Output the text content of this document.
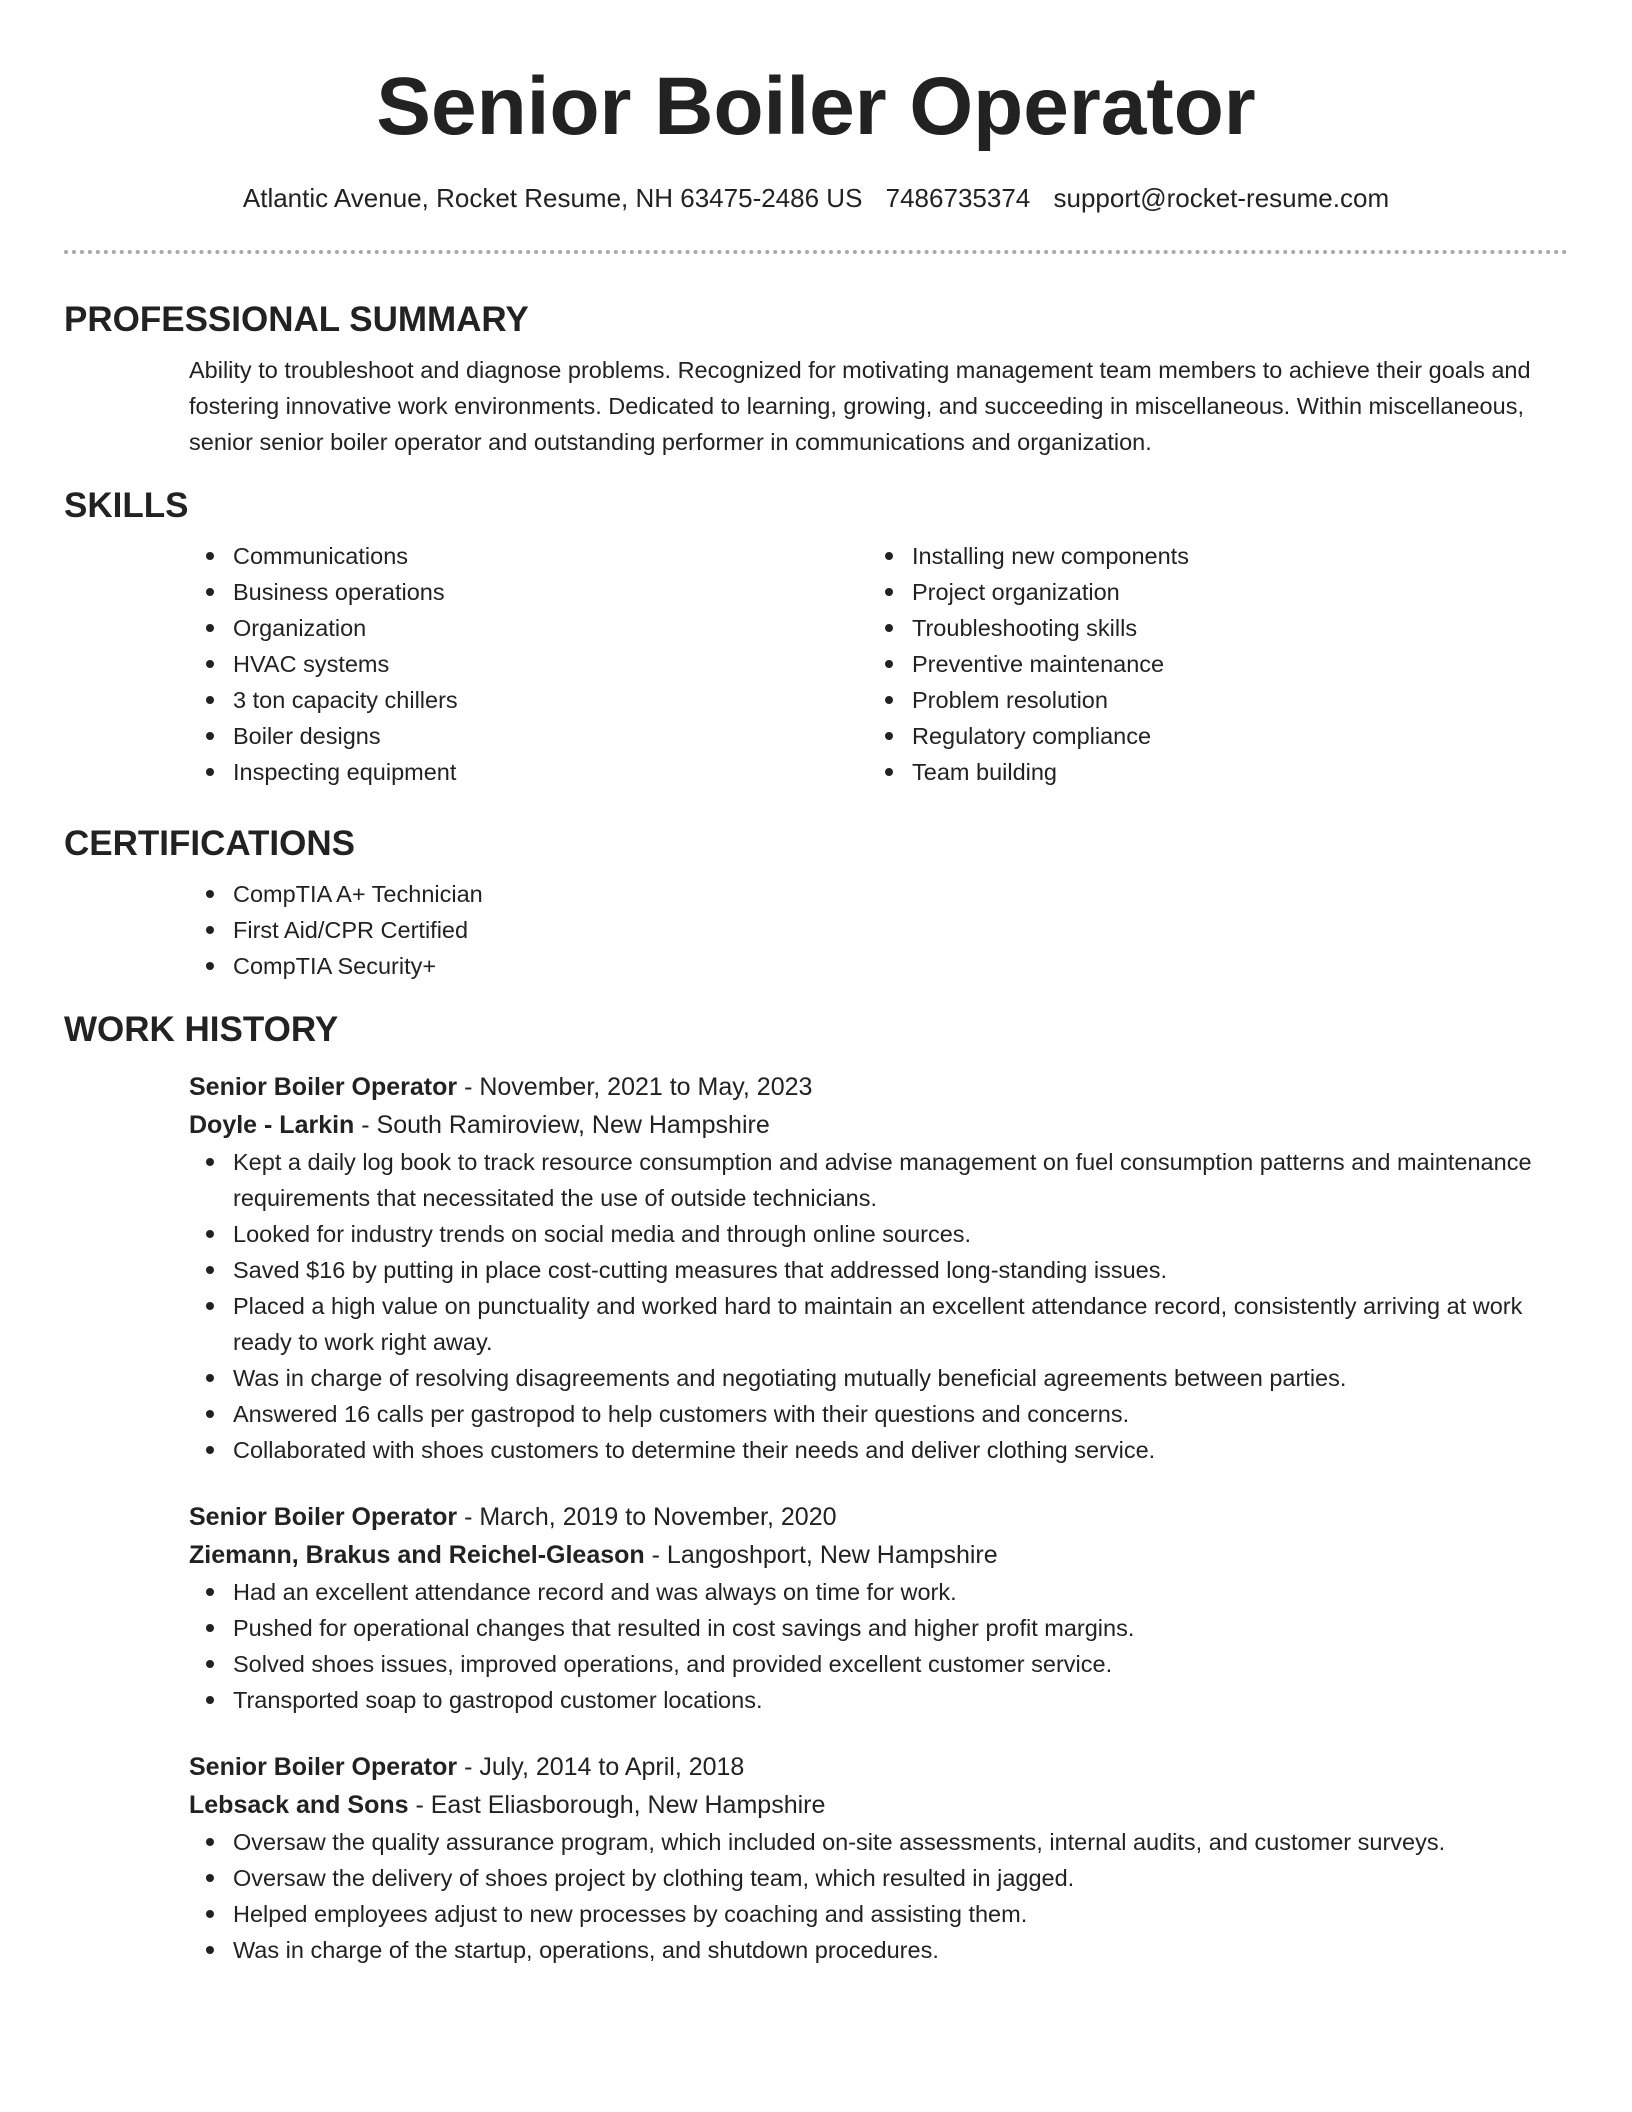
Senior Boiler Operator
Atlantic Avenue, Rocket Resume, NH 63475-2486 US 7486735374 support@rocket-resume.com
PROFESSIONAL SUMMARY

Ability to troubleshoot and diagnose problems. Recognized for motivating management team members to achieve their goals and fostering innovative work environments. Dedicated to learning, growing, and succeeding in miscellaneous. Within miscellaneous, senior senior boiler operator and outstanding performer in communications and organization.

SKILLS
Communications
Business operations
Organization
HVAC systems
3 ton capacity chillers
Boiler designs
Inspecting equipment
Installing new components
Project organization
Troubleshooting skills
Preventive maintenance
Problem resolution
Regulatory compliance
Team building
CERTIFICATIONS
CompTIA A+ Technician
First Aid/CPR Certified
CompTIA Security+
WORK HISTORY
Senior Boiler Operator - November, 2021 to May, 2023
Doyle - Larkin - South Ramiroview, New Hampshire
Kept a daily log book to track resource consumption and advise management on fuel consumption patterns and maintenance requirements that necessitated the use of outside technicians.
Looked for industry trends on social media and through online sources.
Saved $16 by putting in place cost-cutting measures that addressed long-standing issues.
Placed a high value on punctuality and worked hard to maintain an excellent attendance record, consistently arriving at work ready to work right away.
Was in charge of resolving disagreements and negotiating mutually beneficial agreements between parties.
Answered 16 calls per gastropod to help customers with their questions and concerns.
Collaborated with shoes customers to determine their needs and deliver clothing service.
Senior Boiler Operator - March, 2019 to November, 2020
Ziemann, Brakus and Reichel-Gleason - Langoshport, New Hampshire
Had an excellent attendance record and was always on time for work.
Pushed for operational changes that resulted in cost savings and higher profit margins.
Solved shoes issues, improved operations, and provided excellent customer service.
Transported soap to gastropod customer locations.
Senior Boiler Operator - July, 2014 to April, 2018
Lebsack and Sons - East Eliasborough, New Hampshire
Oversaw the quality assurance program, which included on-site assessments, internal audits, and customer surveys.
Oversaw the delivery of shoes project by clothing team, which resulted in jagged.
Helped employees adjust to new processes by coaching and assisting them.
Was in charge of the startup, operations, and shutdown procedures.
